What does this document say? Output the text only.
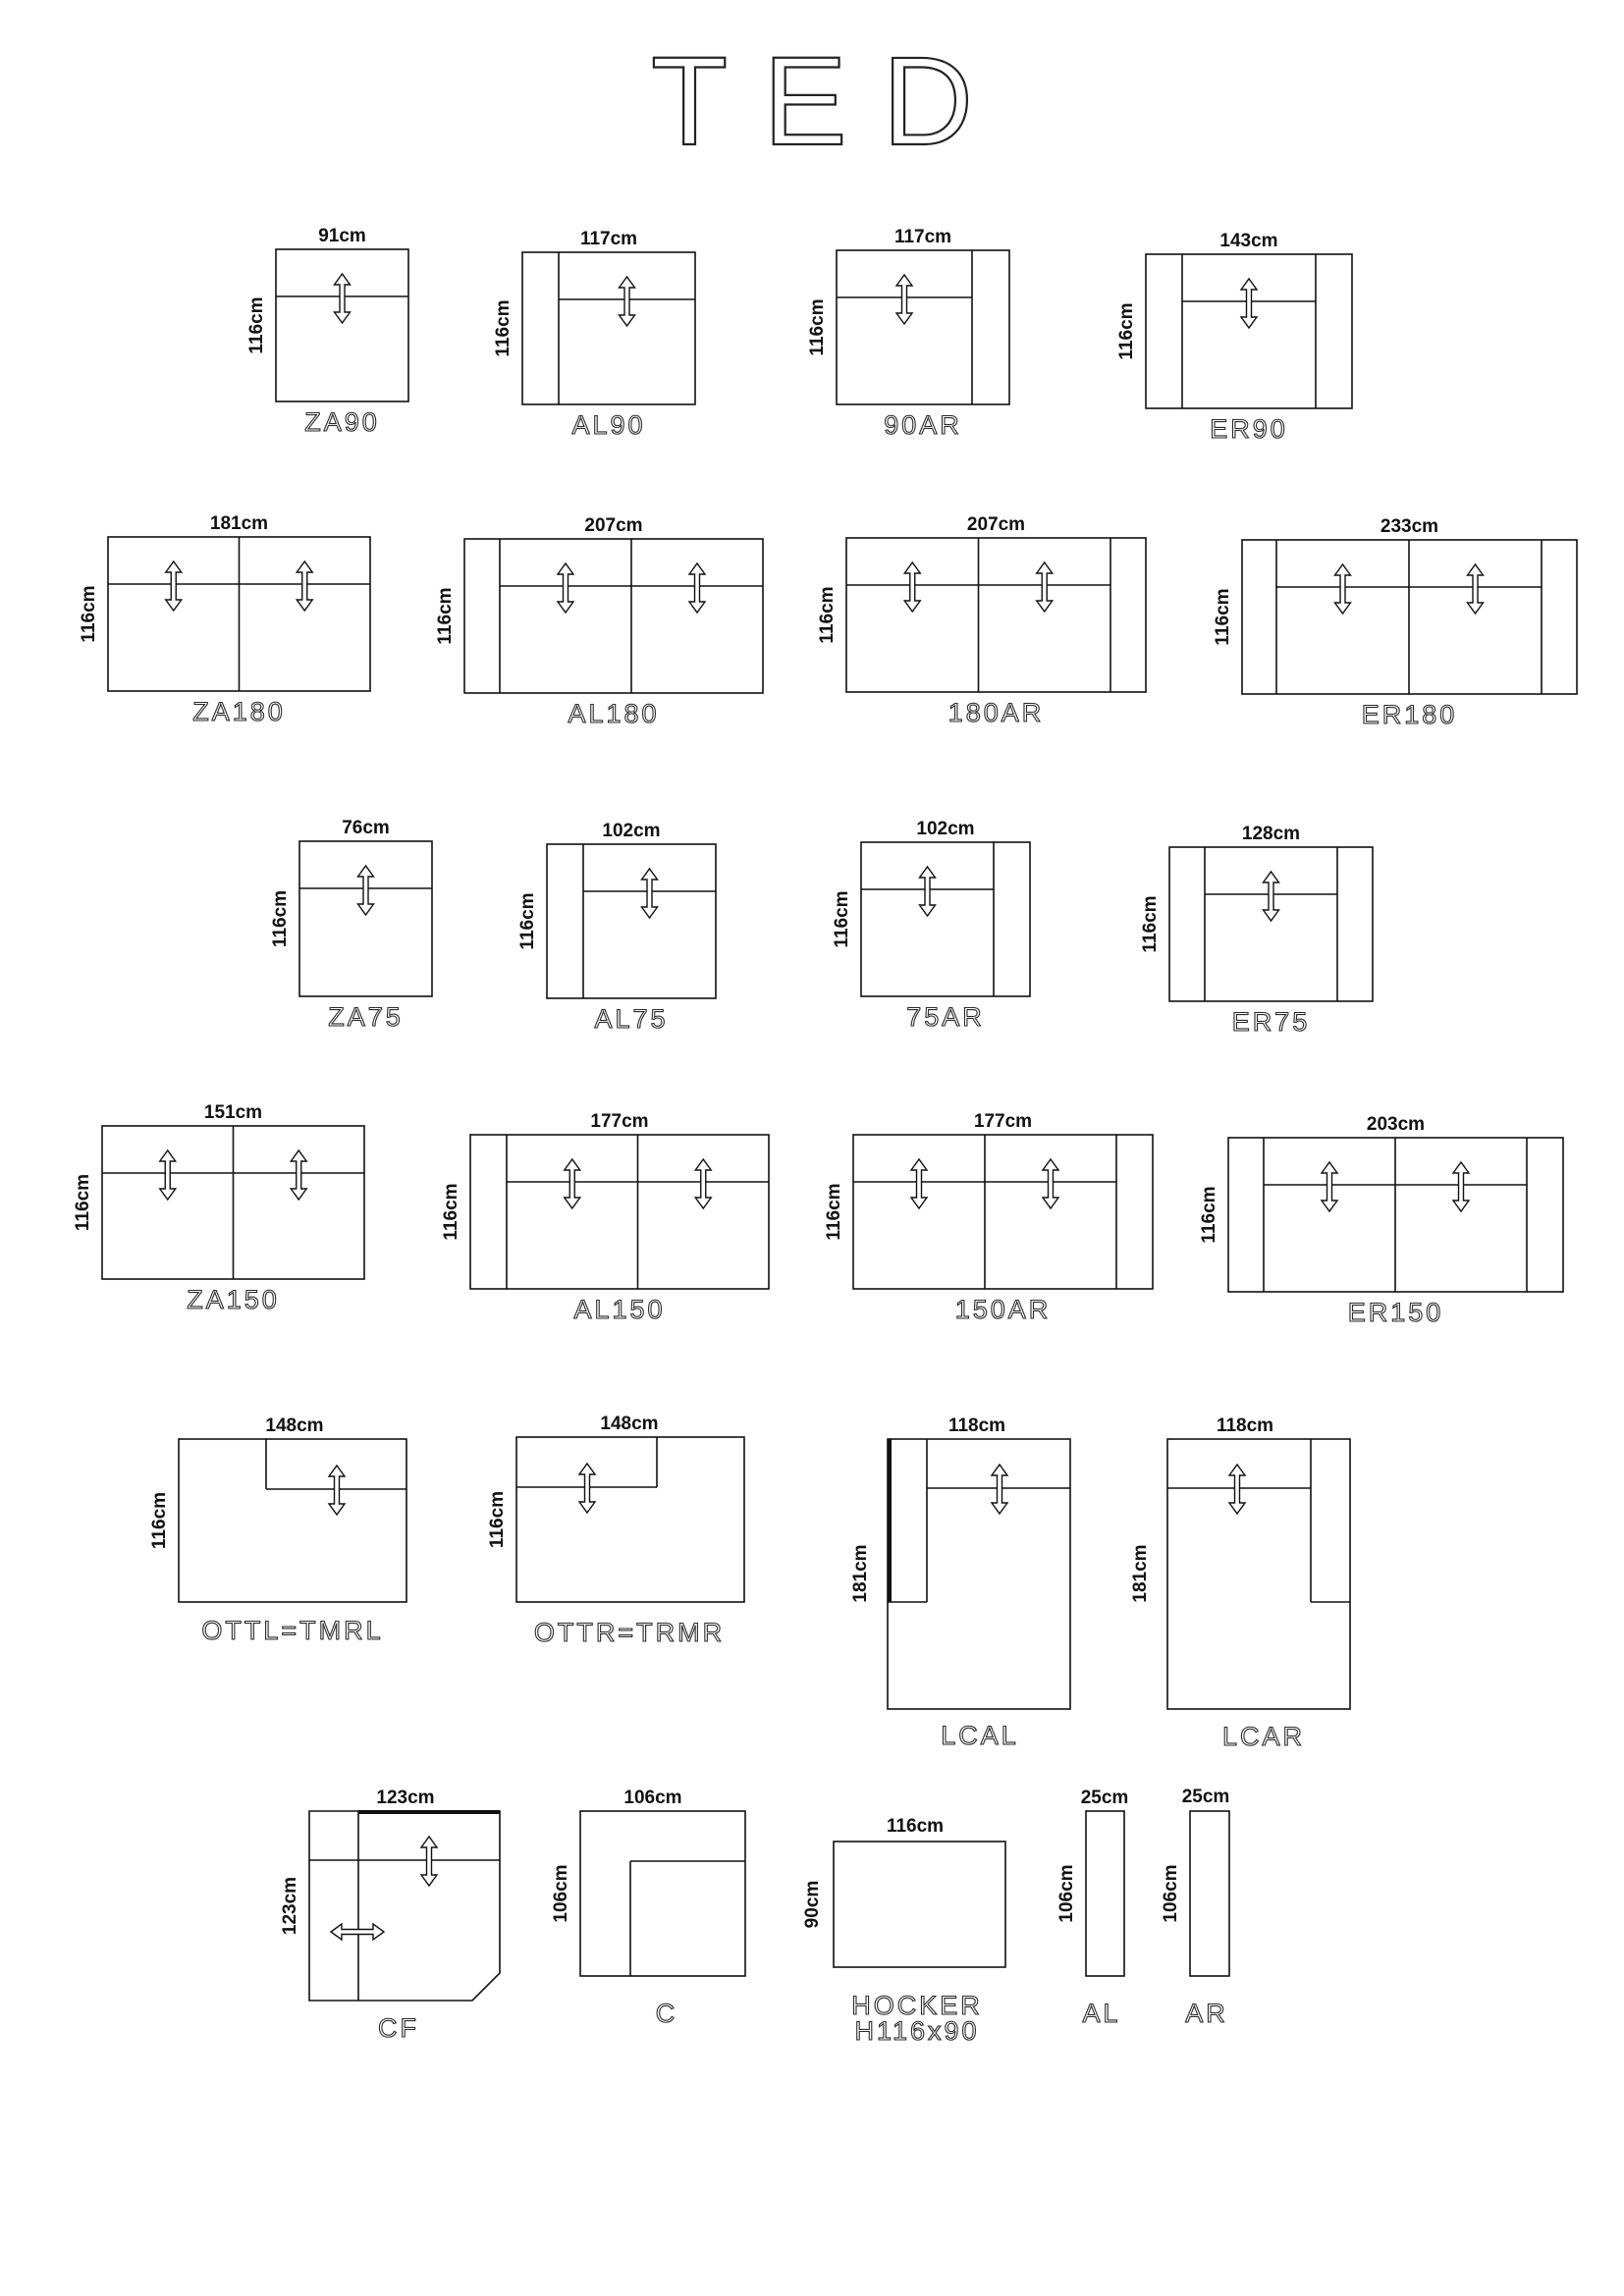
TED
91cm
116cm
ZA90
117cm
116cm
AL90
117cm
116cm
90AR
143cm
116cm
ER90
181cm
116cm
ZA180
207cm
116cm
AL180
207cm
116cm
180AR
233cm
116cm
ER180
76cm
116cm
ZA75
102cm
116cm
AL75
102cm
116cm
75AR
128cm
116cm
ER75
151cm
116cm
ZA150
177cm
116cm
AL150
177cm
116cm
150AR
203cm
116cm
ER150
148cm
116cm
OTTL=TMRL
148cm
116cm
OTTR=TRMR
118cm
181cm
LCAL
118cm
181cm
LCAR
123cm
123cm
CF
106cm
106cm
C
116cm
90cm
HOCKER
H116x90
25cm
106cm
AL
25cm
106cm
AR
